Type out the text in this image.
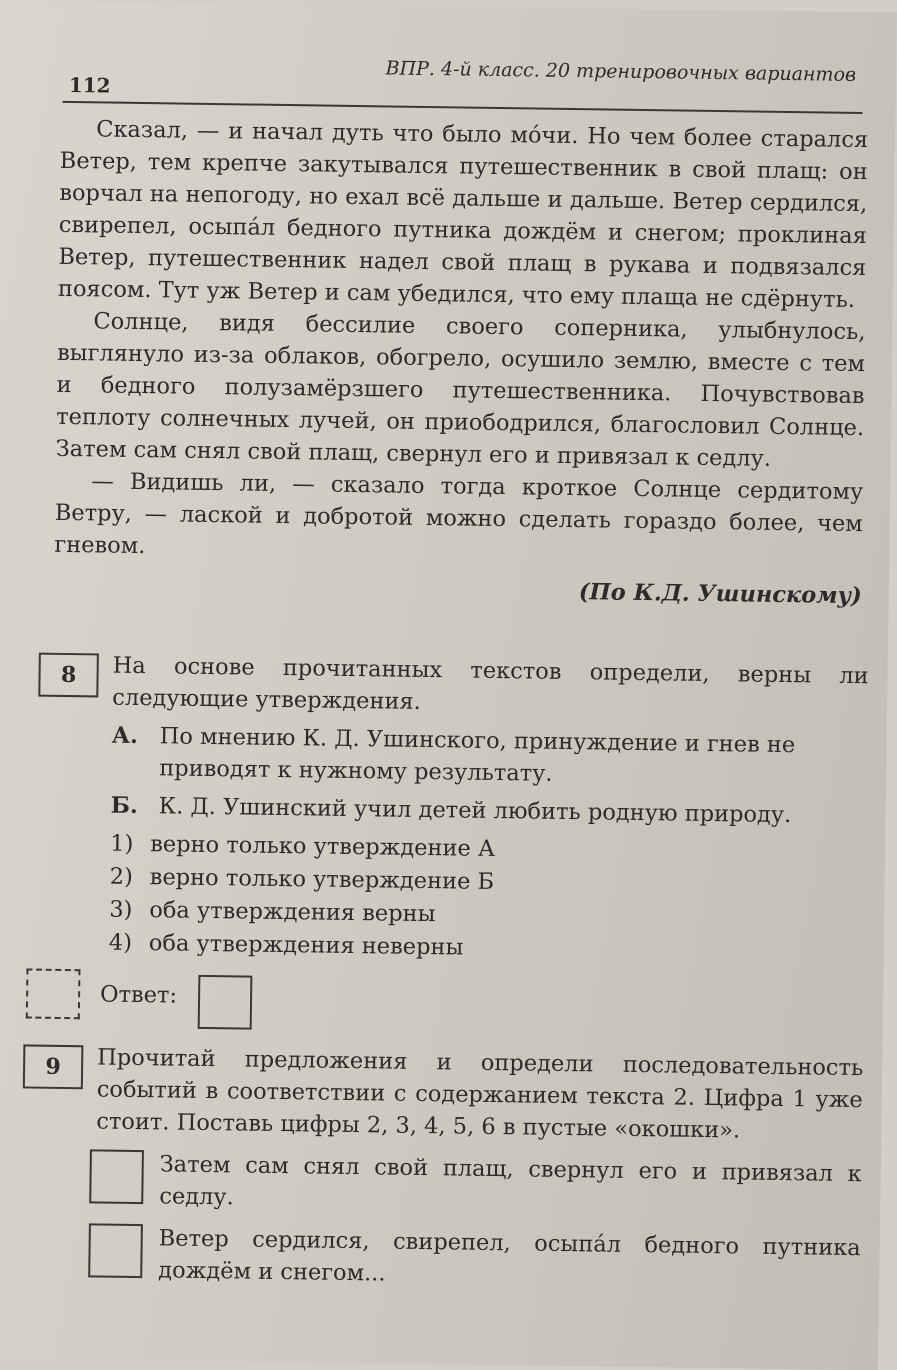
112	ВПР. 4-й класс. 20 тренировочных вариантов

Сказал, — и начал дуть что было мо́чи. Но чем более старался Ветер, тем крепче закутывался путешественник в свой плащ: он ворчал на непогоду, но ехал всё дальше и дальше. Ветер сердился, свирепел, осыпа́л бедного путника дождём и снегом; проклиная Ветер, путешественник надел свой плащ в рукава и подвязался поясом. Тут уж Ветер и сам убедился, что ему плаща не сдёрнуть.

Солнце, видя бессилие своего соперника, улыбнулось, выглянуло из-за облаков, обогрело, осушило землю, вместе с тем и бедного полузамёрзшего путешественника. Почувствовав теплоту солнечных лучей, он приободрился, благословил Солнце. Затем сам снял свой плащ, свернул его и привязал к седлу.

— Видишь ли, — сказало тогда кроткое Солнце сердитому Ветру, — лаской и добротой можно сделать гораздо более, чем гневом.

(По К.Д. Ушинскому)
8	На основе прочитанных текстов определи, верны ли следующие утверждения.
А. По мнению К. Д. Ушинского, принуждение и гнев не приводят к нужному результату.
Б. К. Д. Ушинский учил детей любить родную природу.
1) верно только утверждение А
2) верно только утверждение Б
3) оба утверждения верны
4) оба утверждения неверны
Ответ:
9	Прочитай предложения и определи последовательность событий в соответствии с содержанием текста 2. Цифра 1 уже стоит. Поставь цифры 2, 3, 4, 5, 6 в пустые «окошки».
Затем сам снял свой плащ, свернул его и привязал к седлу.
Ветер сердился, свирепел, осыпа́л бедного путника дождём и снегом...
